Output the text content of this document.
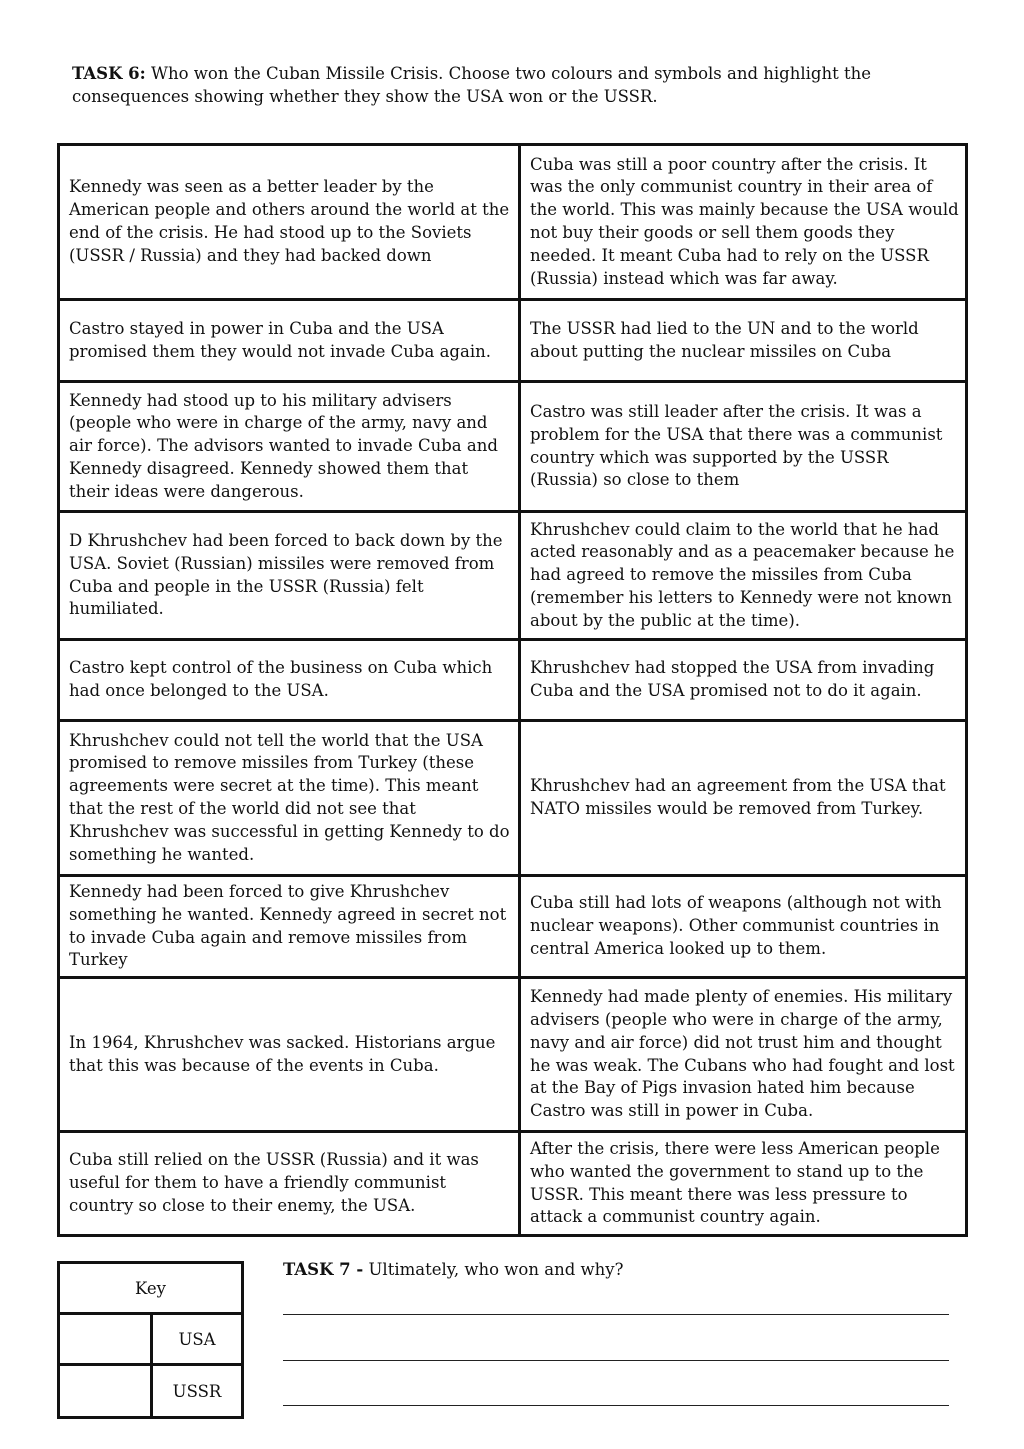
TASK 6: Who won the Cuban Missile Crisis. Choose two colours and symbols and highlight the consequences showing whether they show the USA won or the USSR.
Kennedy was seen as a better leader by the American people and others around the world at the end of the crisis. He had stood up to the Soviets (USSR / Russia) and they had backed down
Cuba was still a poor country after the crisis. It was the only communist country in their area of the world. This was mainly because the USA would not buy their goods or sell them goods they needed. It meant Cuba had to rely on the USSR (Russia) instead which was far away.
Castro stayed in power in Cuba and the USA promised them they would not invade Cuba again.
The USSR had lied to the UN and to the world about putting the nuclear missiles on Cuba
Kennedy had stood up to his military advisers (people who were in charge of the army, navy and air force). The advisors wanted to invade Cuba and Kennedy disagreed. Kennedy showed them that their ideas were dangerous.
Castro was still leader after the crisis. It was a problem for the USA that there was a communist country which was supported by the USSR (Russia) so close to them
D Khrushchev had been forced to back down by the USA. Soviet (Russian) missiles were removed from Cuba and people in the USSR (Russia) felt humiliated.
Khrushchev could claim to the world that he had acted reasonably and as a peacemaker because he had agreed to remove the missiles from Cuba (remember his letters to Kennedy were not known about by the public at the time).
Castro kept control of the business on Cuba which had once belonged to the USA.
Khrushchev had stopped the USA from invading Cuba and the USA promised not to do it again.
Khrushchev could not tell the world that the USA promised to remove missiles from Turkey (these agreements were secret at the time). This meant that the rest of the world did not see that Khrushchev was successful in getting Kennedy to do something he wanted.
Khrushchev had an agreement from the USA that NATO missiles would be removed from Turkey.
Kennedy had been forced to give Khrushchev something he wanted. Kennedy agreed in secret not to invade Cuba again and remove missiles from Turkey
Cuba still had lots of weapons (although not with nuclear weapons). Other communist countries in central America looked up to them.
In 1964, Khrushchev was sacked. Historians argue that this was because of the events in Cuba.
Kennedy had made plenty of enemies. His military advisers (people who were in charge of the army, navy and air force) did not trust him and thought he was weak. The Cubans who had fought and lost at the Bay of Pigs invasion hated him because Castro was still in power in Cuba.
Cuba still relied on the USSR (Russia) and it was useful for them to have a friendly communist country so close to their enemy, the USA.
After the crisis, there were less American people who wanted the government to stand up to the USSR. This meant there was less pressure to attack a communist country again.
Key
USA
USSR
TASK 7 - Ultimately, who won and why?
